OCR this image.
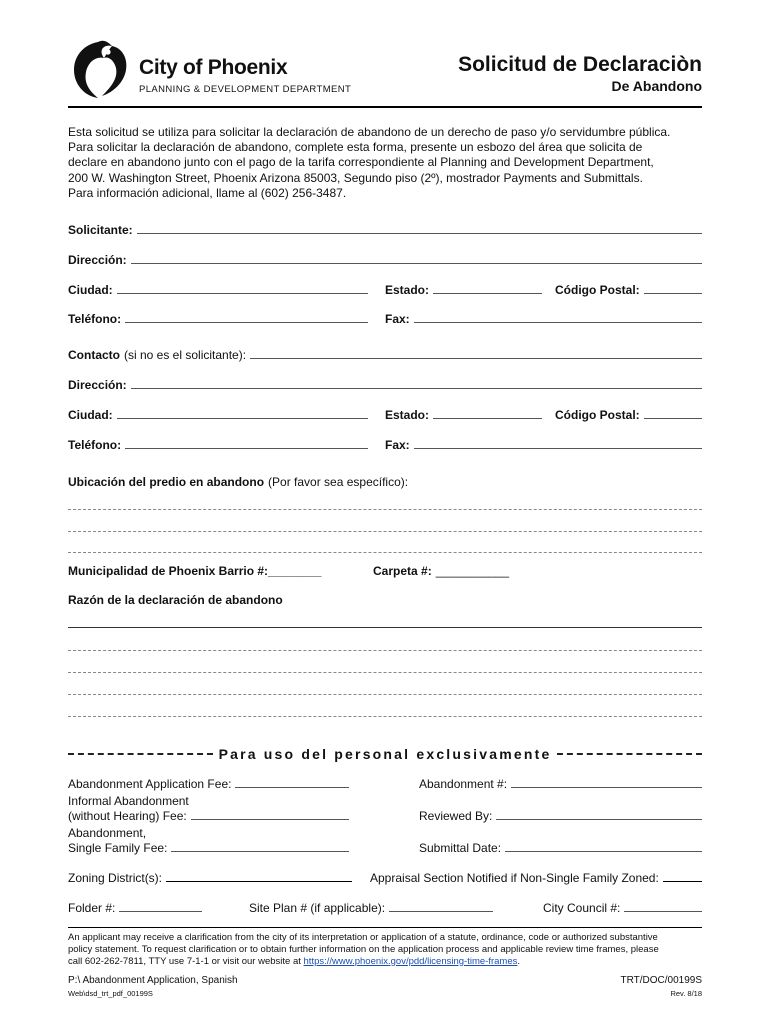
City of Phoenix
PLANNING & DEVELOPMENT DEPARTMENT
Solicitud de Declaraciòn
De Abandono
Esta solicitud se utiliza para solicitar la declaración de abandono de un derecho de paso y/o servidumbre pública.
Para solicitar la declaración de abandono, complete esta forma, presente un esbozo del área que solicita de
declare en abandono junto con el pago de la tarifa correspondiente al Planning and Development Department,
200 W. Washington Street, Phoenix Arizona 85003, Segundo piso (2º), mostrador Payments and Submittals.
Para información adicional, llame al (602) 256-3487.
Solicitante:
Dirección:
Ciudad:	Estado:	Código Postal:
Teléfono:	Fax:
Contacto (si no es el solicitante):
Dirección:
Ciudad:	Estado:	Código Postal:
Teléfono:	Fax:
Ubicación del predio en abandono (Por favor sea específico):
Municipalidad de Phoenix Barrio #: ________	Carpeta #: ___________
Razón de la declaración de abandono
Para uso del personal exclusivamente
Abandonment Application Fee:	Abandonment #:
Informal Abandonment
(without Hearing) Fee:	Reviewed By:
Abandonment,
Single Family Fee:	Submittal Date:
Zoning District(s):	Appraisal Section Notified if Non-Single Family Zoned:
Folder #:	Site Plan # (if applicable):	City Council #:
An applicant may receive a clarification from the city of its interpretation or application of a statute, ordinance, code or authorized substantive
policy statement. To request clarification or to obtain further information on the application process and applicable review time frames, please
call 602-262-7811, TTY use 7-1-1 or visit our website at https://www.phoenix.gov/pdd/licensing-time-frames.
P:\ Abandonment Application, Spanish
Web\dsd_trt_pdf_00199S
TRT/DOC/00199S
Rev. 8/18
